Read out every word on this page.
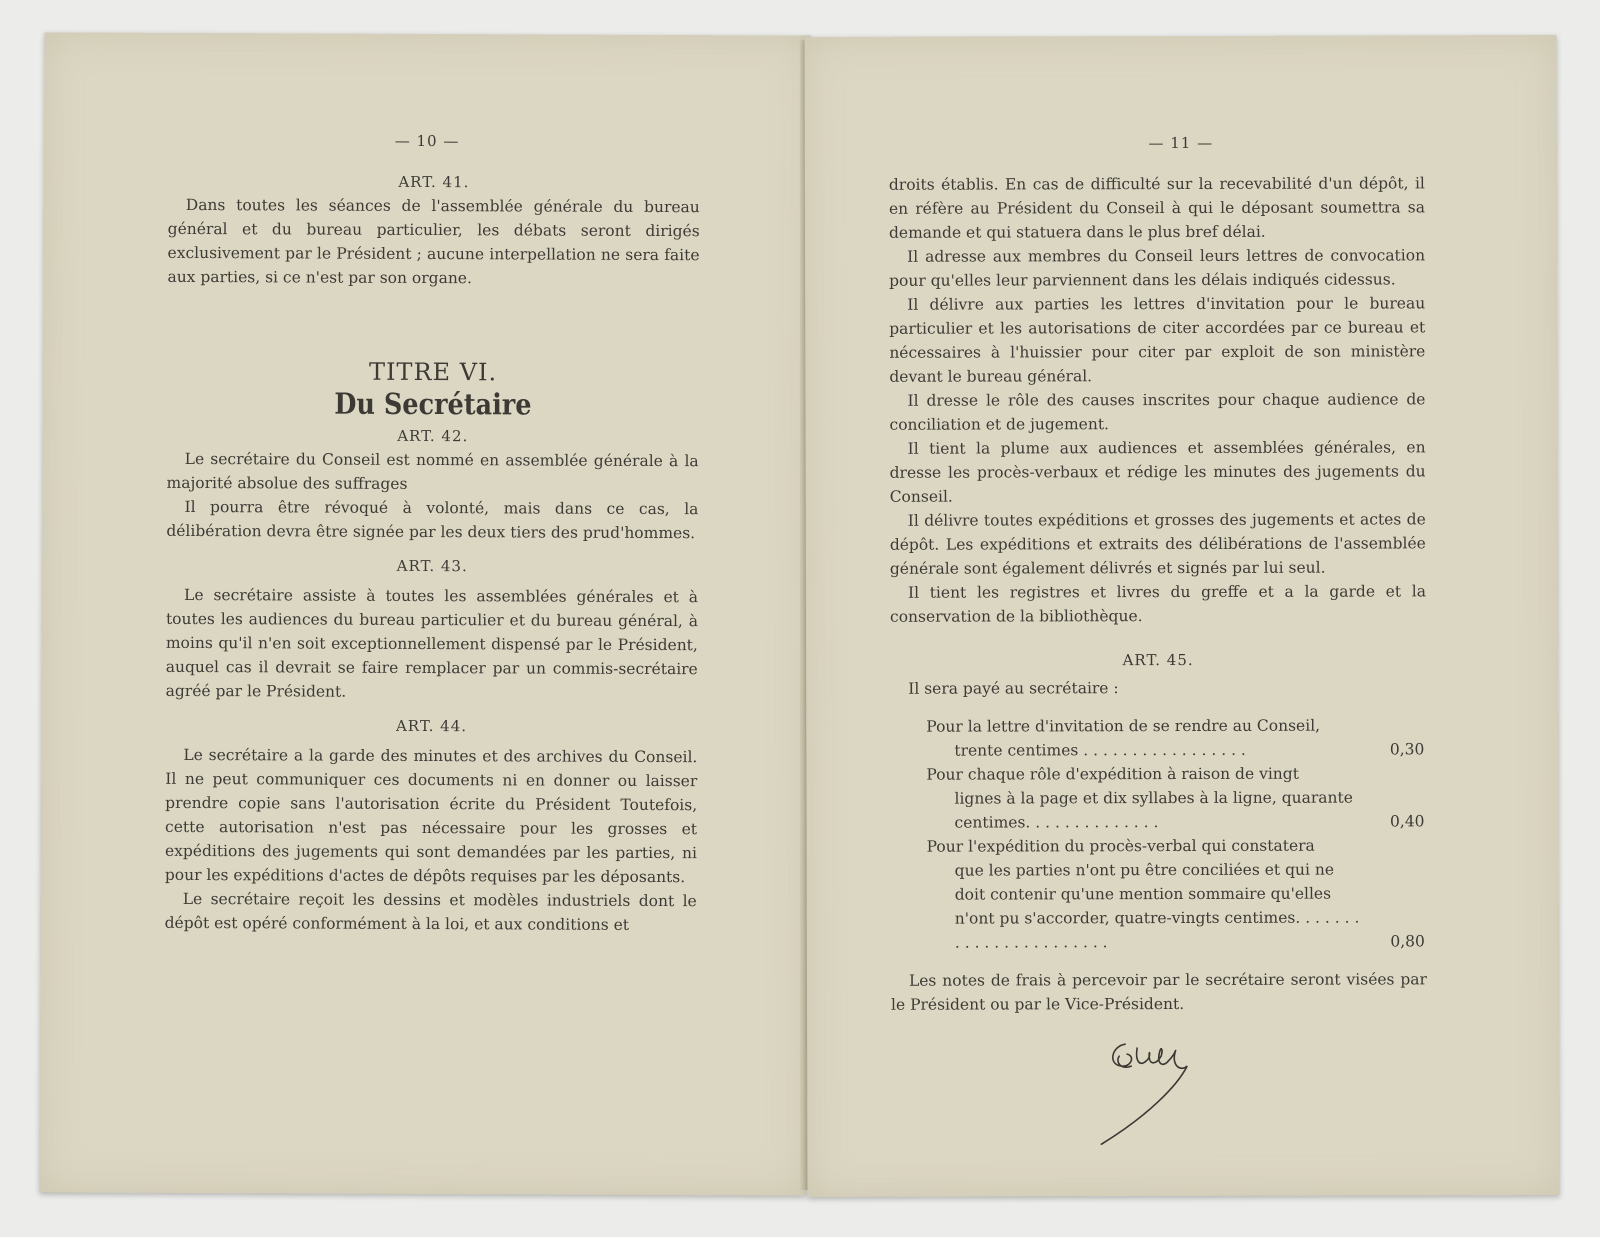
— 10 —
ART. 41.

Dans toutes les séances de l'assemblée générale du bureau général et du bureau particulier, les débats seront dirigés exclusivement par le Président ; aucune interpellation ne sera faite aux parties, si ce n'est par son organe.

TITRE VI.
Du Secrétaire
ART. 42.

Le secrétaire du Conseil est nommé en assemblée générale à la majorité absolue des suffrages

Il pourra être révoqué à volonté, mais dans ce cas, la délibération devra être signée par les deux tiers des prud'hommes.

ART. 43.

Le secrétaire assiste à toutes les assemblées générales et à toutes les audiences du bureau particulier et du bureau général, à moins qu'il n'en soit exceptionnellement dispensé par le Président, auquel cas il devrait se faire remplacer par un commis-secrétaire agréé par le Président.

ART. 44.

Le secrétaire a la garde des minutes et des archives du Conseil. Il ne peut communiquer ces documents ni en donner ou laisser prendre copie sans l'autorisation écrite du Président Toutefois, cette autorisation n'est pas nécessaire pour les grosses et expéditions des jugements qui sont demandées par les parties, ni pour les expéditions d'actes de dépôts requises par les déposants.

Le secrétaire reçoit les dessins et modèles industriels dont le dépôt est opéré conformément à la loi, et aux conditions et

— 11 —

droits établis. En cas de difficulté sur la recevabilité d'un dépôt, il en réfère au Président du Conseil à qui le déposant soumettra sa demande et qui statuera dans le plus bref délai.

Il adresse aux membres du Conseil leurs lettres de convocation pour qu'elles leur parviennent dans les délais indiqués cidessus.

Il délivre aux parties les lettres d'invitation pour le bureau particulier et les autorisations de citer accordées par ce bureau et nécessaires à l'huissier pour citer par exploit de son ministère devant le bureau général.

Il dresse le rôle des causes inscrites pour chaque audience de conciliation et de jugement.

Il tient la plume aux audiences et assemblées générales, en dresse les procès-verbaux et rédige les minutes des jugements du Conseil.

Il délivre toutes expéditions et grosses des jugements et actes de dépôt. Les expéditions et extraits des délibérations de l'assemblée générale sont également délivrés et signés par lui seul.

Il tient les registres et livres du greffe et a la garde et la conservation de la bibliothèque.

ART. 45.

Il sera payé au secrétaire :

Pour la lettre d'invitation de se rendre au Conseil,
trente centimes . . . . . . . . . . . . . . . . .	0,30
Pour chaque rôle d'expédition à raison de vingt
lignes à la page et dix syllabes à la ligne, quarante centimes. . . . . . . . . . . . . .	0,40
Pour l'expédition du procès-verbal qui constatera
que les parties n'ont pu être conciliées et qui ne doit contenir qu'une mention sommaire qu'elles n'ont pu s'accorder, quatre-vingts centimes. . . . . . . . . . . . . . . . . . . . . . .	0,80

Les notes de frais à percevoir par le secrétaire seront visées par le Président ou par le Vice-Président.
